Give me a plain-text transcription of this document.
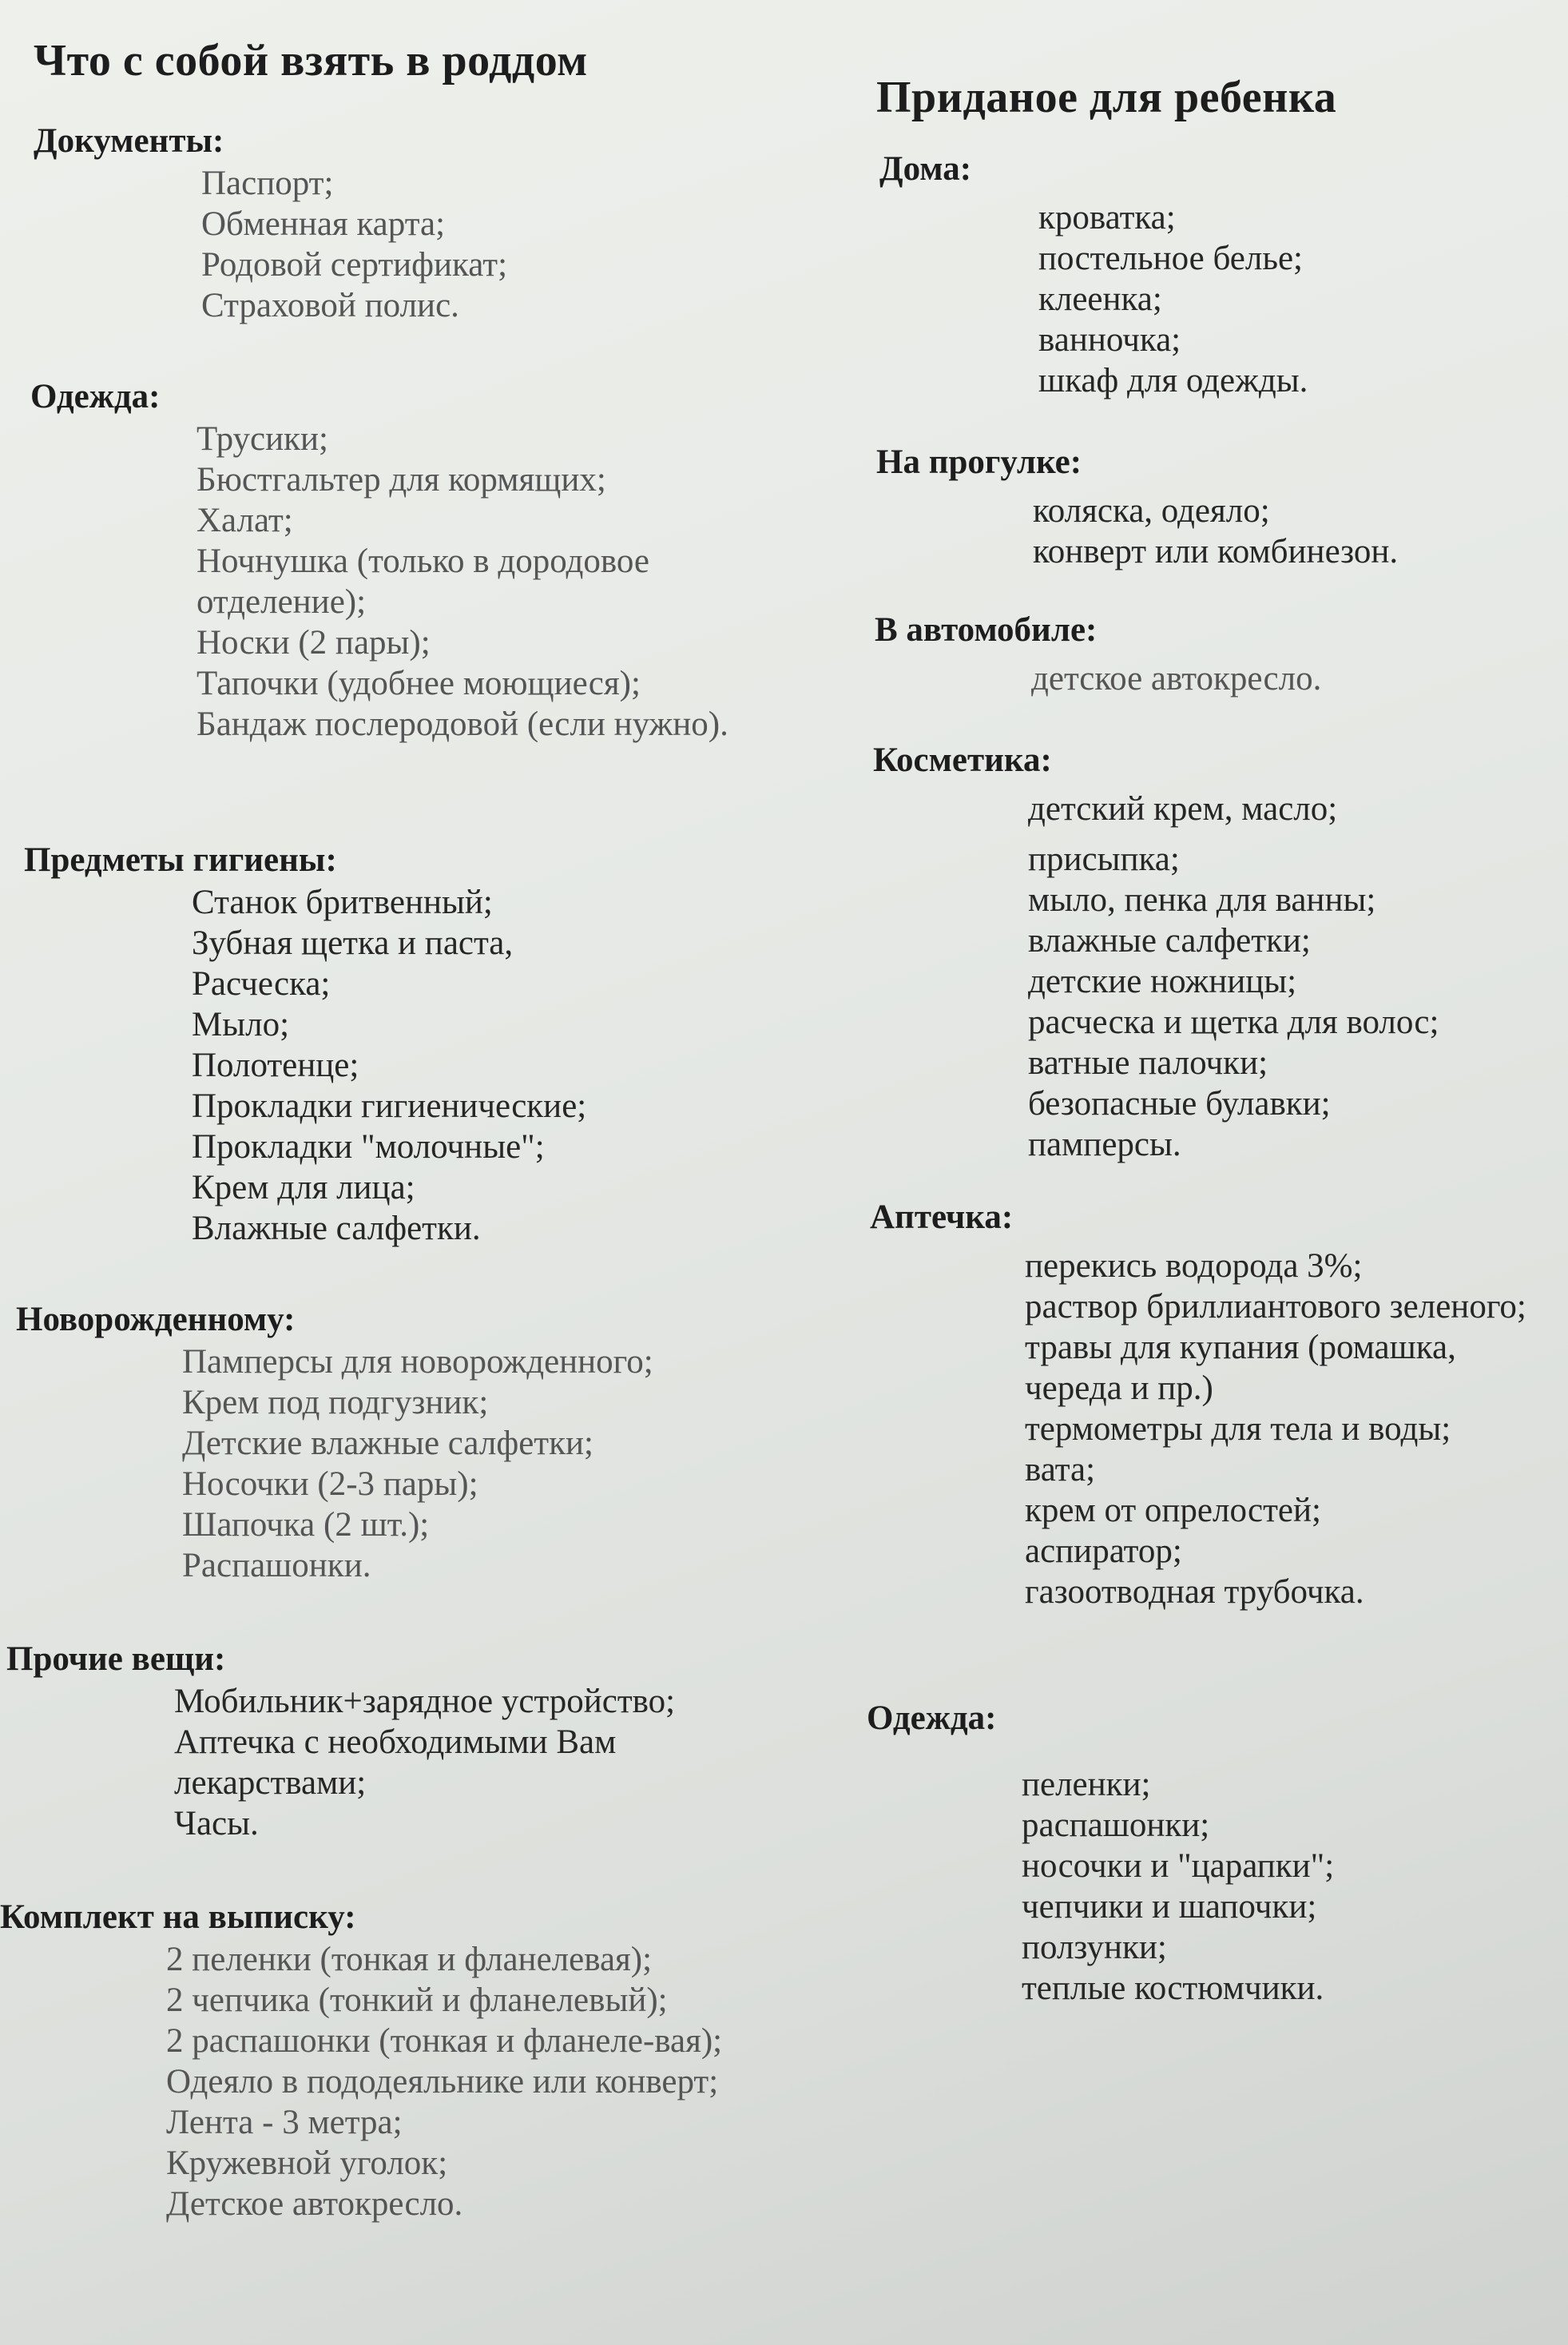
Что с собой взять в роддом
Документы:
Паспорт;
Обменная карта;
Родовой сертификат;
Страховой полис.
Одежда:
Трусики;
Бюстгальтер для кормящих;
Халат;
Ночнушка (только в дородовое отделение);
Носки (2 пары);
Тапочки (удобнее моющиеся);
Бандаж послеродовой (если нужно).
Предметы гигиены:
Станок бритвенный;
Зубная щетка и паста,
Расческа;
Мыло;
Полотенце;
Прокладки гигиенические;
Прокладки "молочные";
Крем для лица;
Влажные салфетки.
Новорожденному:
Памперсы для новорожденного;
Крем под подгузник;
Детские влажные салфетки;
Носочки (2-3 пары);
Шапочка (2 шт.);
Распашонки.
Прочие вещи:
Мобильник+зарядное устройство;
Аптечка с необходимыми Вам лекарствами;
Часы.
Комплект на выписку:
2 пеленки (тонкая и фланелевая);
2 чепчика (тонкий и фланелевый);
2 распашонки (тонкая и фланеле-вая);
Одеяло в пододеяльнике или конверт;
Лента - 3 метра;
Кружевной уголок;
Детское автокресло.
Приданое для ребенка
Дома:
кроватка;
постельное белье;
клеенка;
ванночка;
шкаф для одежды.
На прогулке:
коляска, одеяло;
конверт или комбинезон.
В автомобиле:
детское автокресло.
Косметика:
детский крем, масло;
присыпка;
мыло, пенка для ванны;
влажные салфетки;
детские ножницы;
расческа и щетка для волос;
ватные палочки;
безопасные булавки;
памперсы.
Аптечка:
перекись водорода 3%;
раствор бриллиантового зеленого;
травы для купания (ромашка, череда и пр.)
термометры для тела и воды;
вата;
крем от опрелостей;
аспиратор;
газоотводная трубочка.
Одежда:
пеленки;
распашонки;
носочки и "царапки";
чепчики и шапочки;
ползунки;
теплые костюмчики.
